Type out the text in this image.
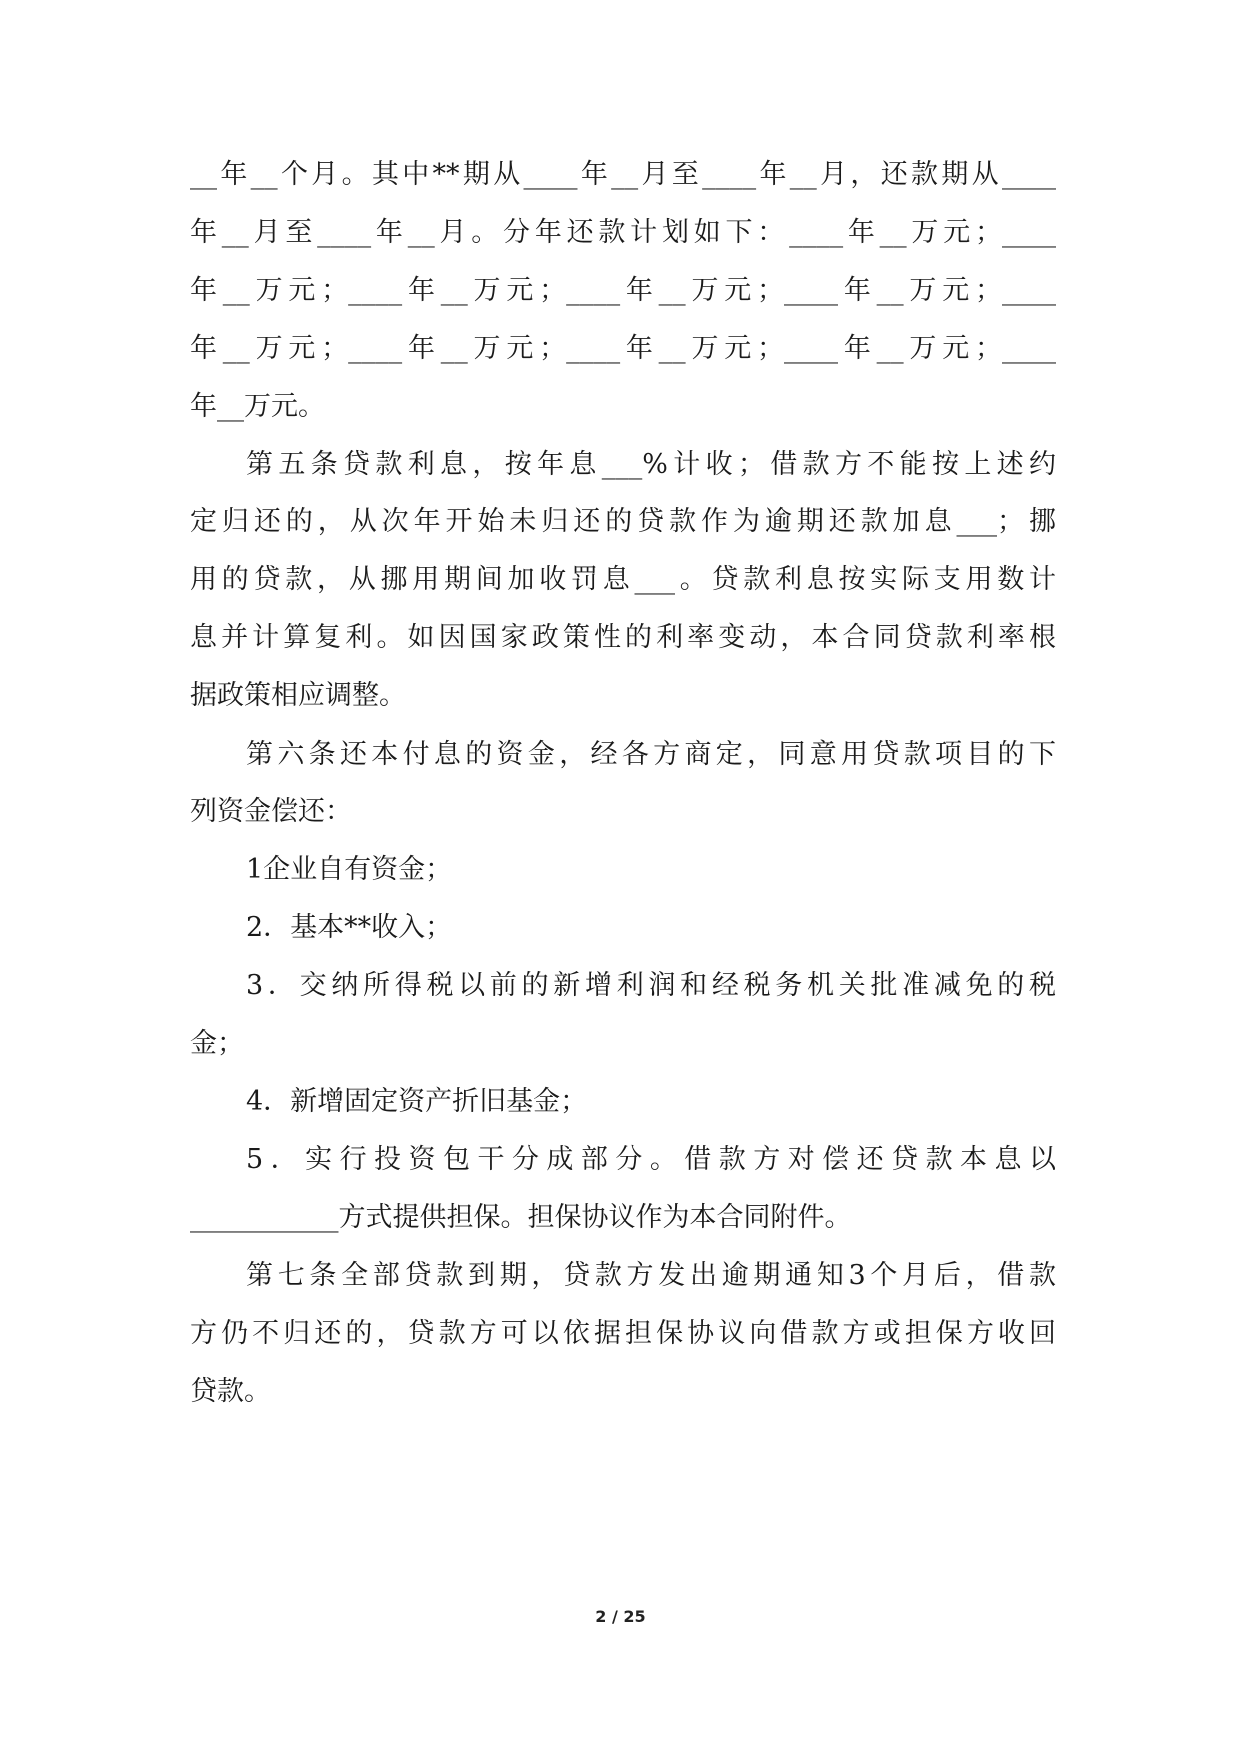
__年__个月。其中**期从____年__月至____年__月，还款期从____
年__月至____年__月。分年还款计划如下：____年__万元；____
年__万元；____年__万元；____年__万元；____年__万元；____
年__万元；____年__万元；____年__万元；____年__万元；____
年__万元。
第五条贷款利息，按年息___%计收；借款方不能按上述约
定归还的，从次年开始未归还的贷款作为逾期还款加息___；挪
用的贷款，从挪用期间加收罚息___。贷款利息按实际支用数计
息并计算复利。如因国家政策性的利率变动，本合同贷款利率根
据政策相应调整。
第六条还本付息的资金，经各方商定，同意用贷款项目的下
列资金偿还：
1企业自有资金；
2．基本**收入；
3．交纳所得税以前的新增利润和经税务机关批准减免的税
金；
4．新增固定资产折旧基金；
5．实行投资包干分成部分。借款方对偿还贷款本息以
___________方式提供担保。担保协议作为本合同附件。
第七条全部贷款到期，贷款方发出逾期通知3个月后，借款
方仍不归还的，贷款方可以依据担保协议向借款方或担保方收回
贷款。
2 / 25
